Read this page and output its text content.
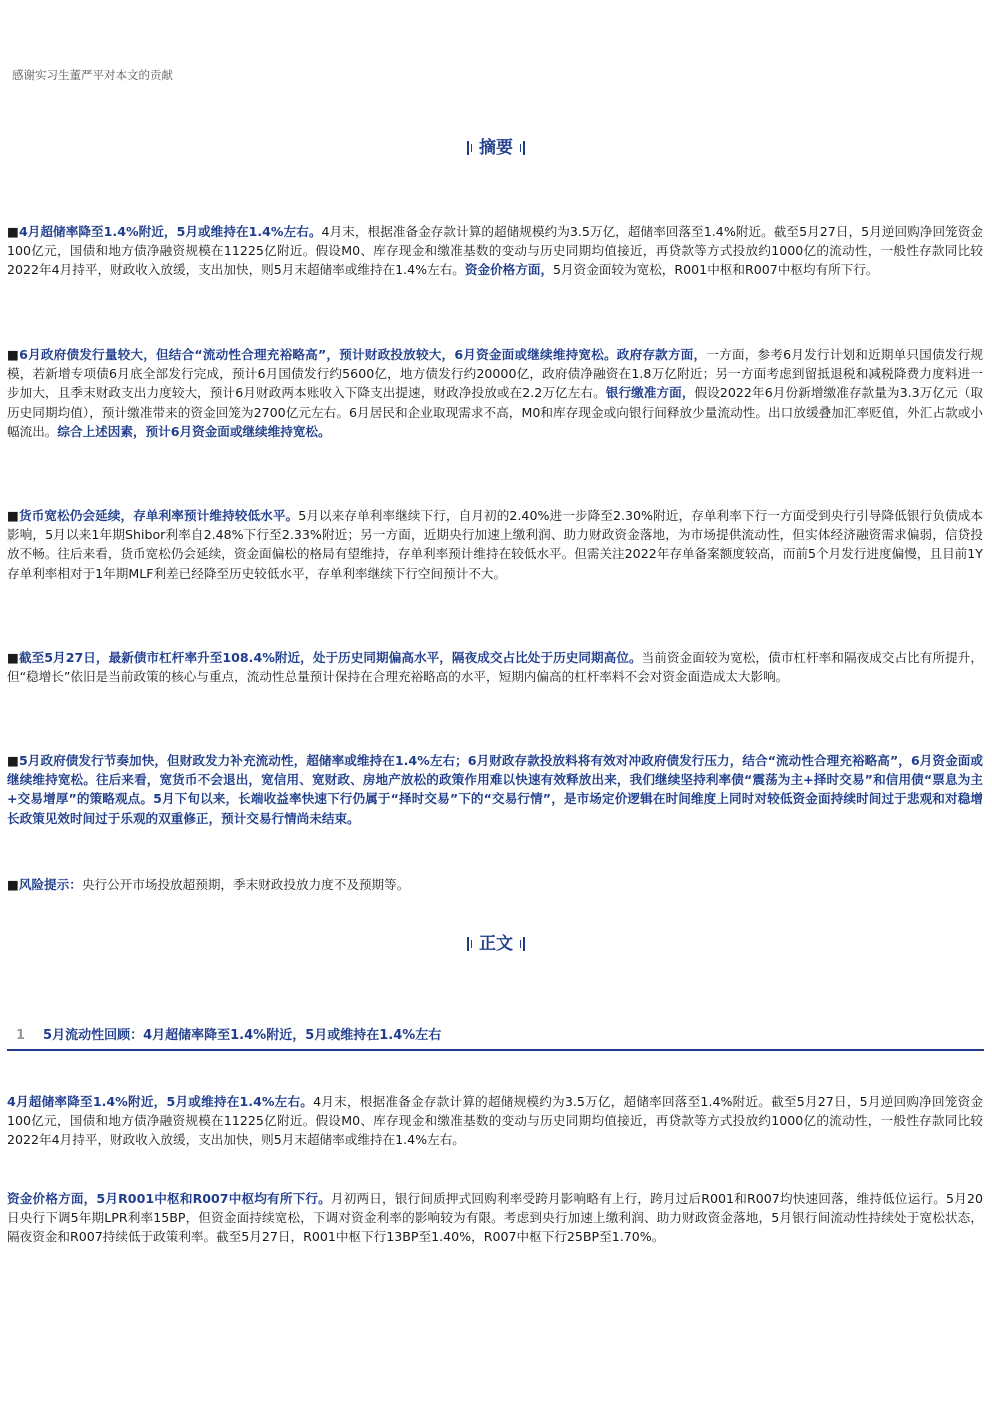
感谢实习生董严平对本文的贡献
摘要
■4月超储率降至1.4%附近，5月或维持在1.4%左右。4月末，根据准备金存款计算的超储规模约为3.5万亿，超储率回落至1.4%附近。截至5月27日，5月逆回购净回笼资金100亿元，国债和地方债净融资规模在11225亿附近。假设M0、库存现金和缴准基数的变动与历史同期均值接近，再贷款等方式投放约1000亿的流动性，一般性存款同比较2022年4月持平，财政收入放缓，支出加快，则5月末超储率或维持在1.4%左右。资金价格方面，5月资金面较为宽松，R001中枢和R007中枢均有所下行。
■6月政府债发行量较大，但结合“流动性合理充裕略高”，预计财政投放较大，6月资金面或继续维持宽松。政府存款方面，一方面，参考6月发行计划和近期单只国债发行规模，若新增专项债6月底全部发行完成，预计6月国债发行约5600亿，地方债发行约20000亿，政府债净融资在1.8万亿附近；另一方面考虑到留抵退税和减税降费力度料进一步加大，且季末财政支出力度较大，预计6月财政两本账收入下降支出提速，财政净投放或在2.2万亿左右。银行缴准方面，假设2022年6月份新增缴准存款量为3.3万亿元（取历史同期均值），预计缴准带来的资金回笼为2700亿元左右。6月居民和企业取现需求不高，M0和库存现金或向银行间释放少量流动性。出口放缓叠加汇率贬值，外汇占款或小幅流出。综合上述因素，预计6月资金面或继续维持宽松。
■货币宽松仍会延续，存单利率预计维持较低水平。5月以来存单利率继续下行，自月初的2.40%进一步降至2.30%附近，存单利率下行一方面受到央行引导降低银行负债成本影响，5月以来1年期Shibor利率自2.48%下行至2.33%附近；另一方面，近期央行加速上缴利润、助力财政资金落地，为市场提供流动性，但实体经济融资需求偏弱，信贷投放不畅。往后来看，货币宽松仍会延续，资金面偏松的格局有望维持，存单利率预计维持在较低水平。但需关注2022年存单备案额度较高，而前5个月发行进度偏慢，且目前1Y存单利率相对于1年期MLF利差已经降至历史较低水平，存单利率继续下行空间预计不大。
■截至5月27日，最新债市杠杆率升至108.4%附近，处于历史同期偏高水平，隔夜成交占比处于历史同期高位。当前资金面较为宽松，债市杠杆率和隔夜成交占比有所提升，但“稳增长”依旧是当前政策的核心与重点，流动性总量预计保持在合理充裕略高的水平，短期内偏高的杠杆率料不会对资金面造成太大影响。
■5月政府债发行节奏加快，但财政发力补充流动性，超储率或维持在1.4%左右；6月财政存款投放料将有效对冲政府债发行压力，结合“流动性合理充裕略高”，6月资金面或继续维持宽松。往后来看，宽货币不会退出，宽信用、宽财政、房地产放松的政策作用难以快速有效释放出来，我们继续坚持利率债“震荡为主+择时交易”和信用债“票息为主+交易增厚”的策略观点。5月下旬以来，长端收益率快速下行仍属于“择时交易”下的“交易行情”，是市场定价逻辑在时间维度上同时对较低资金面持续时间过于悲观和对稳增长政策见效时间过于乐观的双重修正，预计交易行情尚未结束。
■风险提示：央行公开市场投放超预期，季末财政投放力度不及预期等。
正文
1 5月流动性回顾：4月超储率降至1.4%附近，5月或维持在1.4%左右
4月超储率降至1.4%附近，5月或维持在1.4%左右。4月末，根据准备金存款计算的超储规模约为3.5万亿，超储率回落至1.4%附近。截至5月27日，5月逆回购净回笼资金100亿元，国债和地方债净融资规模在11225亿附近。假设M0、库存现金和缴准基数的变动与历史同期均值接近，再贷款等方式投放约1000亿的流动性，一般性存款同比较2022年4月持平，财政收入放缓，支出加快，则5月末超储率或维持在1.4%左右。
资金价格方面，5月R001中枢和R007中枢均有所下行。月初两日，银行间质押式回购利率受跨月影响略有上行，跨月过后R001和R007均快速回落，维持低位运行。5月20日央行下调5年期LPR利率15BP，但资金面持续宽松，下调对资金利率的影响较为有限。考虑到央行加速上缴利润、助力财政资金落地，5月银行间流动性持续处于宽松状态，隔夜资金和R007持续低于政策利率。截至5月27日，R001中枢下行13BP至1.40%，R007中枢下行25BP至1.70%。
